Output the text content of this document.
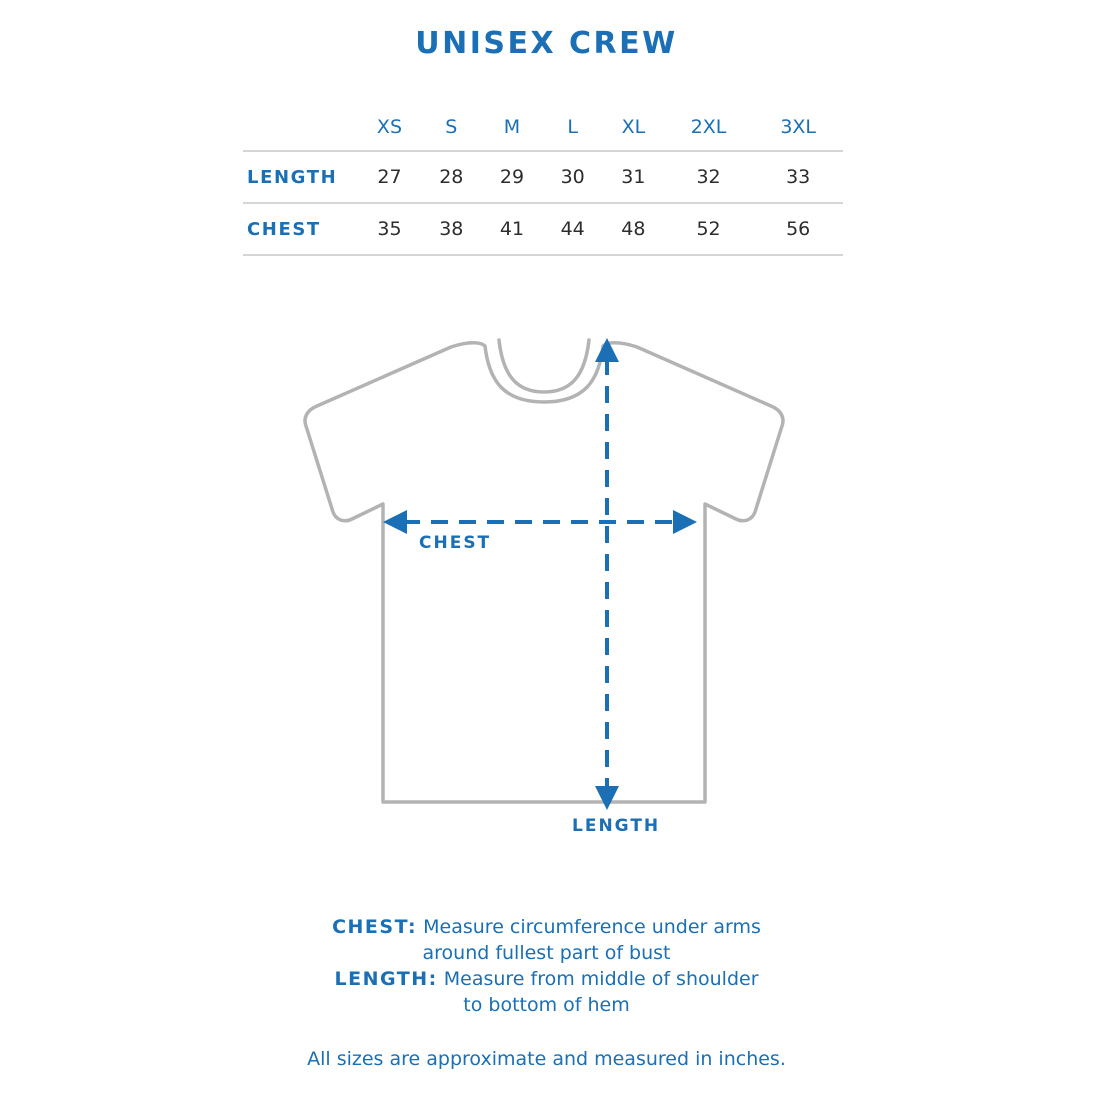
UNISEX CREW
	XS	S	M	L	XL	2XL	3XL
LENGTH	27	28	29	30	31	32	33
CHEST	35	38	41	44	48	52	56
CHEST
LENGTH

CHEST: Measure circumference under arms

around fullest part of bust

LENGTH: Measure from middle of shoulder

to bottom of hem

All sizes are approximate and measured in inches.
